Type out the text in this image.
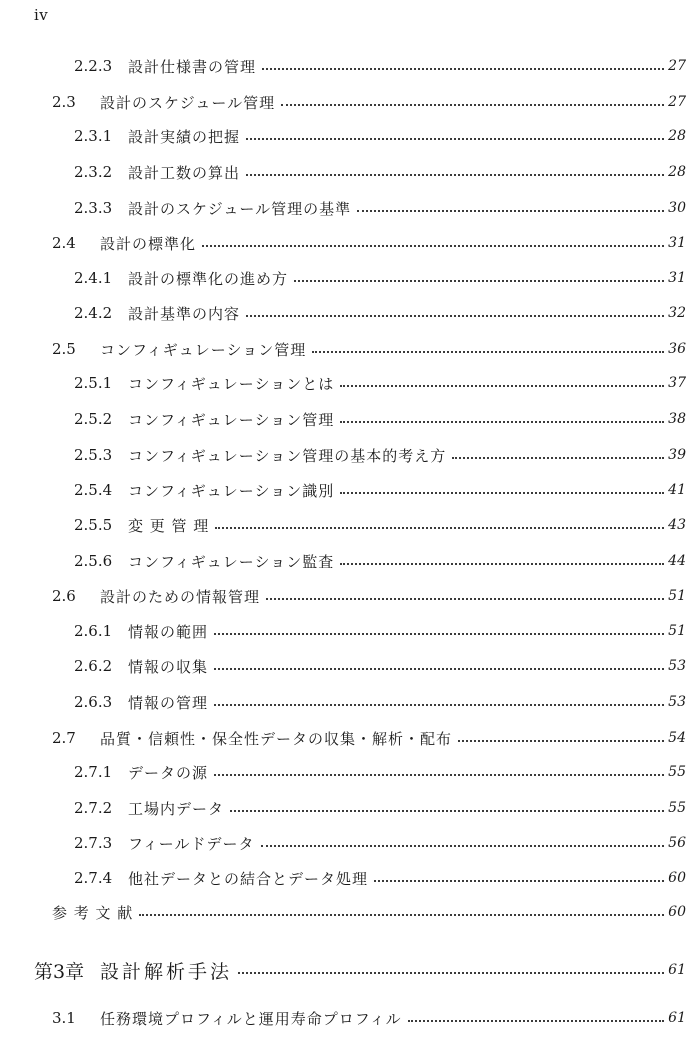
iv
2.2.3	設計仕様書の管理	27
2.3	設計のスケジュール管理	27
2.3.1	設計実績の把握	28
2.3.2	設計工数の算出	28
2.3.3	設計のスケジュール管理の基準	30
2.4	設計の標準化	31
2.4.1	設計の標準化の進め方	31
2.4.2	設計基準の内容	32
2.5	コンフィギュレーション管理	36
2.5.1	コンフィギュレーションとは	37
2.5.2	コンフィギュレーション管理	38
2.5.3	コンフィギュレーション管理の基本的考え方	39
2.5.4	コンフィギュレーション識別	41
2.5.5	変 更 管 理	43
2.5.6	コンフィギュレーション監査	44
2.6	設計のための情報管理	51
2.6.1	情報の範囲	51
2.6.2	情報の収集	53
2.6.3	情報の管理	53
2.7	品質・信頼性・保全性データの収集・解析・配布	54
2.7.1	データの源	55
2.7.2	工場内データ	55
2.7.3	フィールドデータ	56
2.7.4	他社データとの結合とデータ処理	60
参 考 文 献	60
第3章 設計解析手法	61
3.1	任務環境プロフィルと運用寿命プロフィル	61
